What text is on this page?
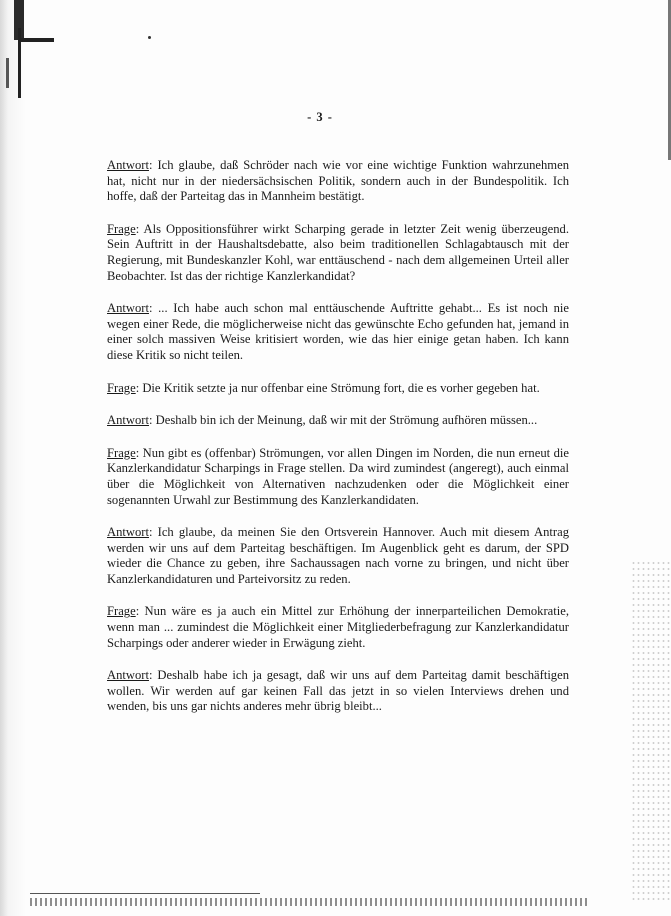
- 3 -

Antwort: Ich glaube, daß Schröder nach wie vor eine wichtige Funktion wahrzunehmen hat, nicht nur in der niedersächsischen Politik, sondern auch in der Bundespolitik. Ich hoffe, daß der Parteitag das in Mannheim bestätigt.

Frage: Als Oppositionsführer wirkt Scharping gerade in letzter Zeit wenig überzeugend. Sein Auftritt in der Haushaltsdebatte, also beim traditionellen Schlagabtausch mit der Regierung, mit Bundeskanzler Kohl, war enttäuschend - nach dem allgemeinen Urteil aller Beobachter. Ist das der richtige Kanzlerkandidat?

Antwort: ... Ich habe auch schon mal enttäuschende Auftritte gehabt... Es ist noch nie wegen einer Rede, die möglicherweise nicht das gewünschte Echo gefunden hat, jemand in einer solch massiven Weise kritisiert worden, wie das hier einige getan haben. Ich kann diese Kritik so nicht teilen.

Frage: Die Kritik setzte ja nur offenbar eine Strömung fort, die es vorher gegeben hat.

Antwort: Deshalb bin ich der Meinung, daß wir mit der Strömung aufhören müssen...

Frage: Nun gibt es (offenbar) Strömungen, vor allen Dingen im Norden, die nun erneut die Kanzlerkandidatur Scharpings in Frage stellen. Da wird zumindest (angeregt), auch einmal über die Möglichkeit von Alternativen nachzudenken oder die Möglichkeit einer sogenannten Urwahl zur Bestimmung des Kanzlerkandidaten.

Antwort: Ich glaube, da meinen Sie den Ortsverein Hannover. Auch mit diesem Antrag werden wir uns auf dem Parteitag beschäftigen. Im Augenblick geht es darum, der SPD wieder die Chance zu geben, ihre Sachaussagen nach vorne zu bringen, und nicht über Kanzlerkandidaturen und Parteivorsitz zu reden.

Frage: Nun wäre es ja auch ein Mittel zur Erhöhung der innerparteilichen Demokratie, wenn man ... zumindest die Möglichkeit einer Mitgliederbefragung zur Kanzlerkandidatur Scharpings oder anderer wieder in Erwägung zieht.

Antwort: Deshalb habe ich ja gesagt, daß wir uns auf dem Parteitag damit beschäftigen wollen. Wir werden auf gar keinen Fall das jetzt in so vielen Interviews drehen und wenden, bis uns gar nichts anderes mehr übrig bleibt...
